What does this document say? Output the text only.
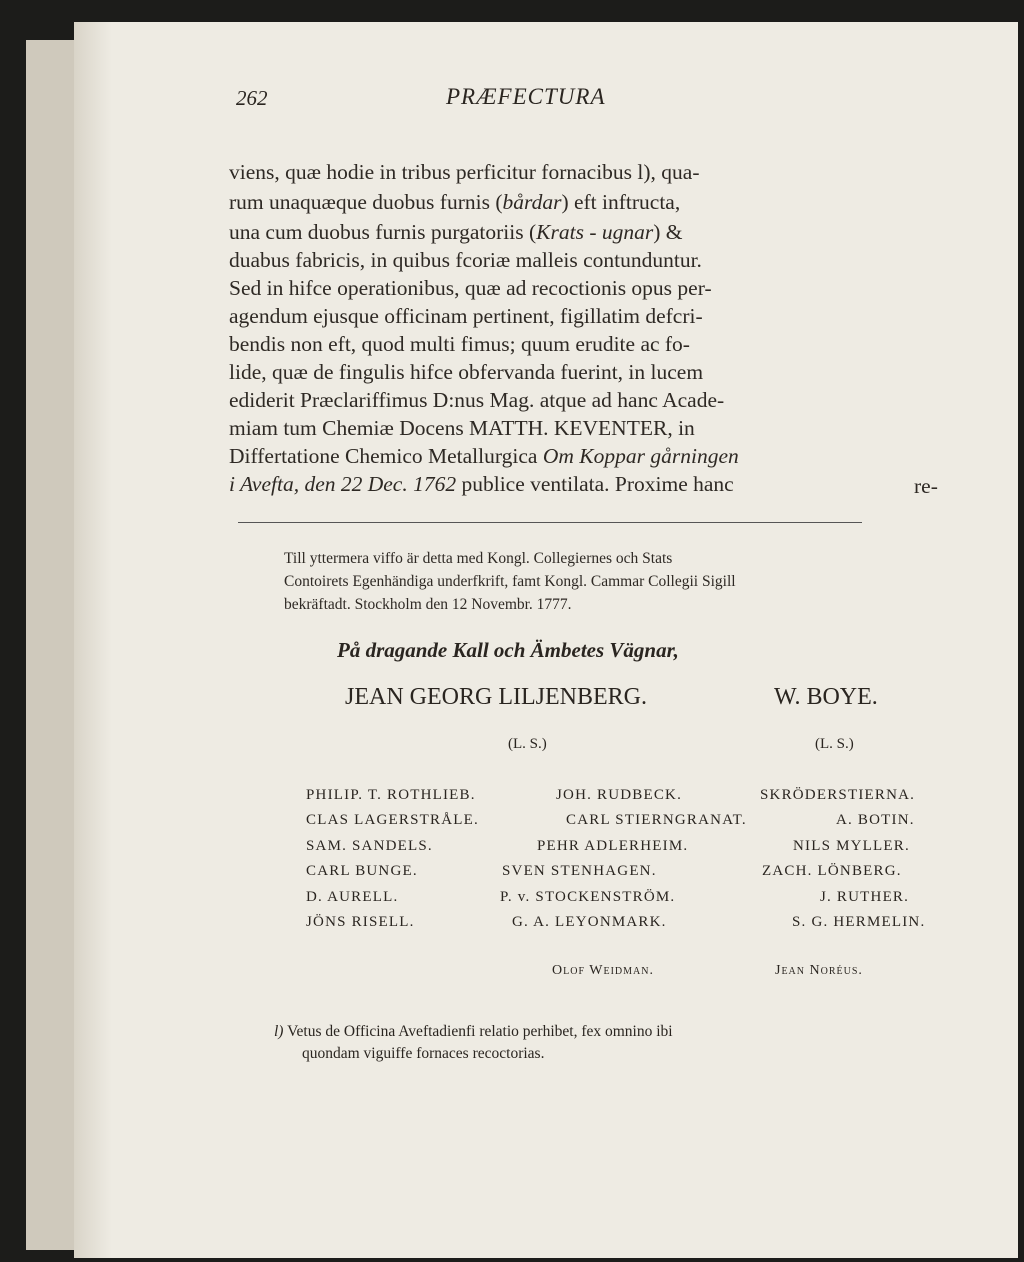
262	PRÆFECTURA
viens, quæ hodie in tribus perficitur fornacibus l), qua-
rum unaquæque duobus furnis (bårdar) eft inftructa,
una cum duobus furnis purgatoriis (Krats - ugnar) &
duabus fabricis, in quibus fcoriæ malleis contunduntur.
Sed in hifce operationibus, quæ ad recoctionis opus per-
agendum ejusque officinam pertinent, figillatim defcri-
bendis non eft, quod multi fimus; quum erudite ac fo-
lide, quæ de fingulis hifce obfervanda fuerint, in lucem
ediderit Præclariffimus D:nus Mag. atque ad hanc Acade-
miam tum Chemiæ Docens MATTH. KEVENTER, in
Differtatione Chemico Metallurgica Om Koppar gårningen
i Avefta, den 22 Dec. 1762 publice ventilata. Proxime hanc	re-
Till yttermera viffo är detta med Kongl. Collegiernes och Stats
Contoirets Egenhändiga underfkrift, famt Kongl. Cammar Collegii Sigill
bekräftadt. Stockholm den 12 Novembr. 1777.
På dragande Kall och Ämbetes Vägnar,
JEAN GEORG LILJENBERG.	W. BOYE.
(L. S.)	(L. S.)
PHILIP. T. ROTHLIEB.	JOH. RUDBECK.	SKRÖDERSTIERNA.
CLAS LAGERSTRÅLE.	CARL STIERNGRANAT.	A. BOTIN.
SAM. SANDELS.	PEHR ADLERHEIM.	NILS MYLLER.
CARL BUNGE.	SVEN STENHAGEN.	ZACH. LÖNBERG.
D. AURELL.	P. v. STOCKENSTRÖM.	J. RUTHER.
JÖNS RISELL.	G. A. LEYONMARK.	S. G. HERMELIN.
Olof Weidman.	Jean Noréus.
l) Vetus de Officina Aveftadienfi relatio perhibet, fex omnino ibi
quondam viguiffe fornaces recoctorias.
